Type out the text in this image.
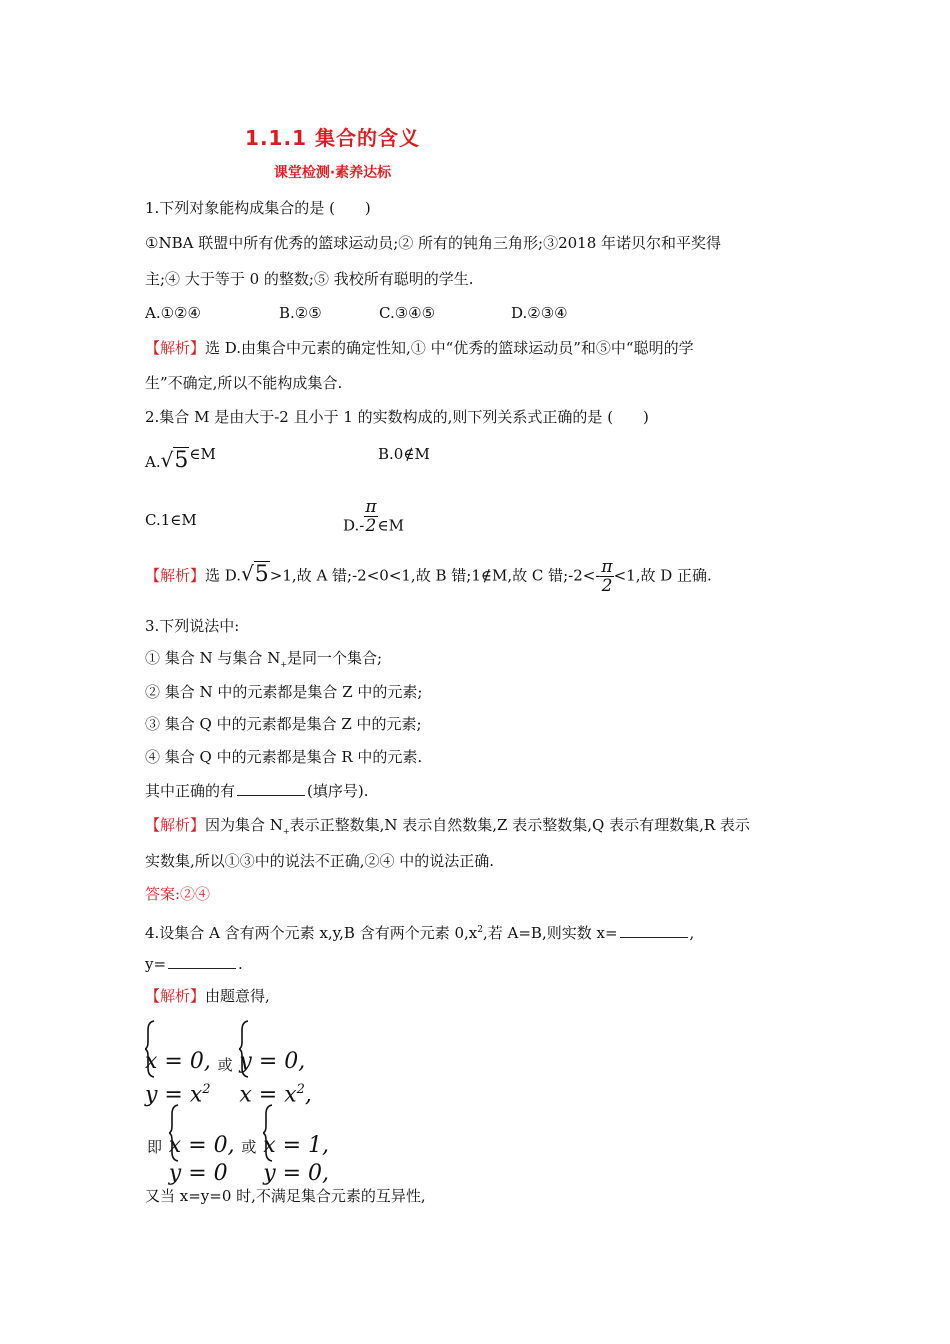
1.1.1 集合的含义
课堂检测·素养达标
1.下列对象能构成集合的是 (　　)
①NBA 联盟中所有优秀的篮球运动员;② 所有的钝角三角形;③2018 年诺贝尔和平奖得
主;④ 大于等于 0 的整数;⑤ 我校所有聪明的学生.
A.①②④	B.②⑤	C.③④⑤	D.②③④
【解析】选 D.由集合中元素的确定性知,① 中“优秀的篮球运动员”和⑤中“聪明的学
生”不确定,所以不能构成集合.
2.集合 M 是由大于-2 且小于 1 的实数构成的,则下列关系式正确的是 (　　)
A.√5∈M	B.0∉M
C.1∈M	$D.- \frac{\pi}{2}$ ∈M
【解析】选 D.√5>1,故 A 错;-2<0<1,故 B 错;1∉M,故 C 错;-2<- $\frac{\pi}{2} <1$,故 D 正确.
3.下列说法中:
① 集合 N 与集合 $N_+$是同一个集合;
② 集合 N 中的元素都是集合 Z 中的元素;
③ 集合 Q 中的元素都是集合 Z 中的元素;
④ 集合 Q 中的元素都是集合 R 中的元素.
其中正确的有	(填序号).
【解析】因为集合 $N_+$表示正整数集,N 表示自然数集,Z 表示整数集,Q 表示有理数集,R 表示
实数集,所以①③中的说法不正确,②④ 中的说法正确.
答案:②④
4.设集合 A 含有两个元素 x,y,B 含有两个元素 $0,x^2$,若 A=B,则实数 x=	,
y=	.
【解析】由题意得,
x = 0,
$y = x^2$
或 y = 0,
$x = x^2$,
即 x = 0,
y = 0
或 x = 1,
y = 0,
又当 x=y=0 时,不满足集合元素的互异性,
